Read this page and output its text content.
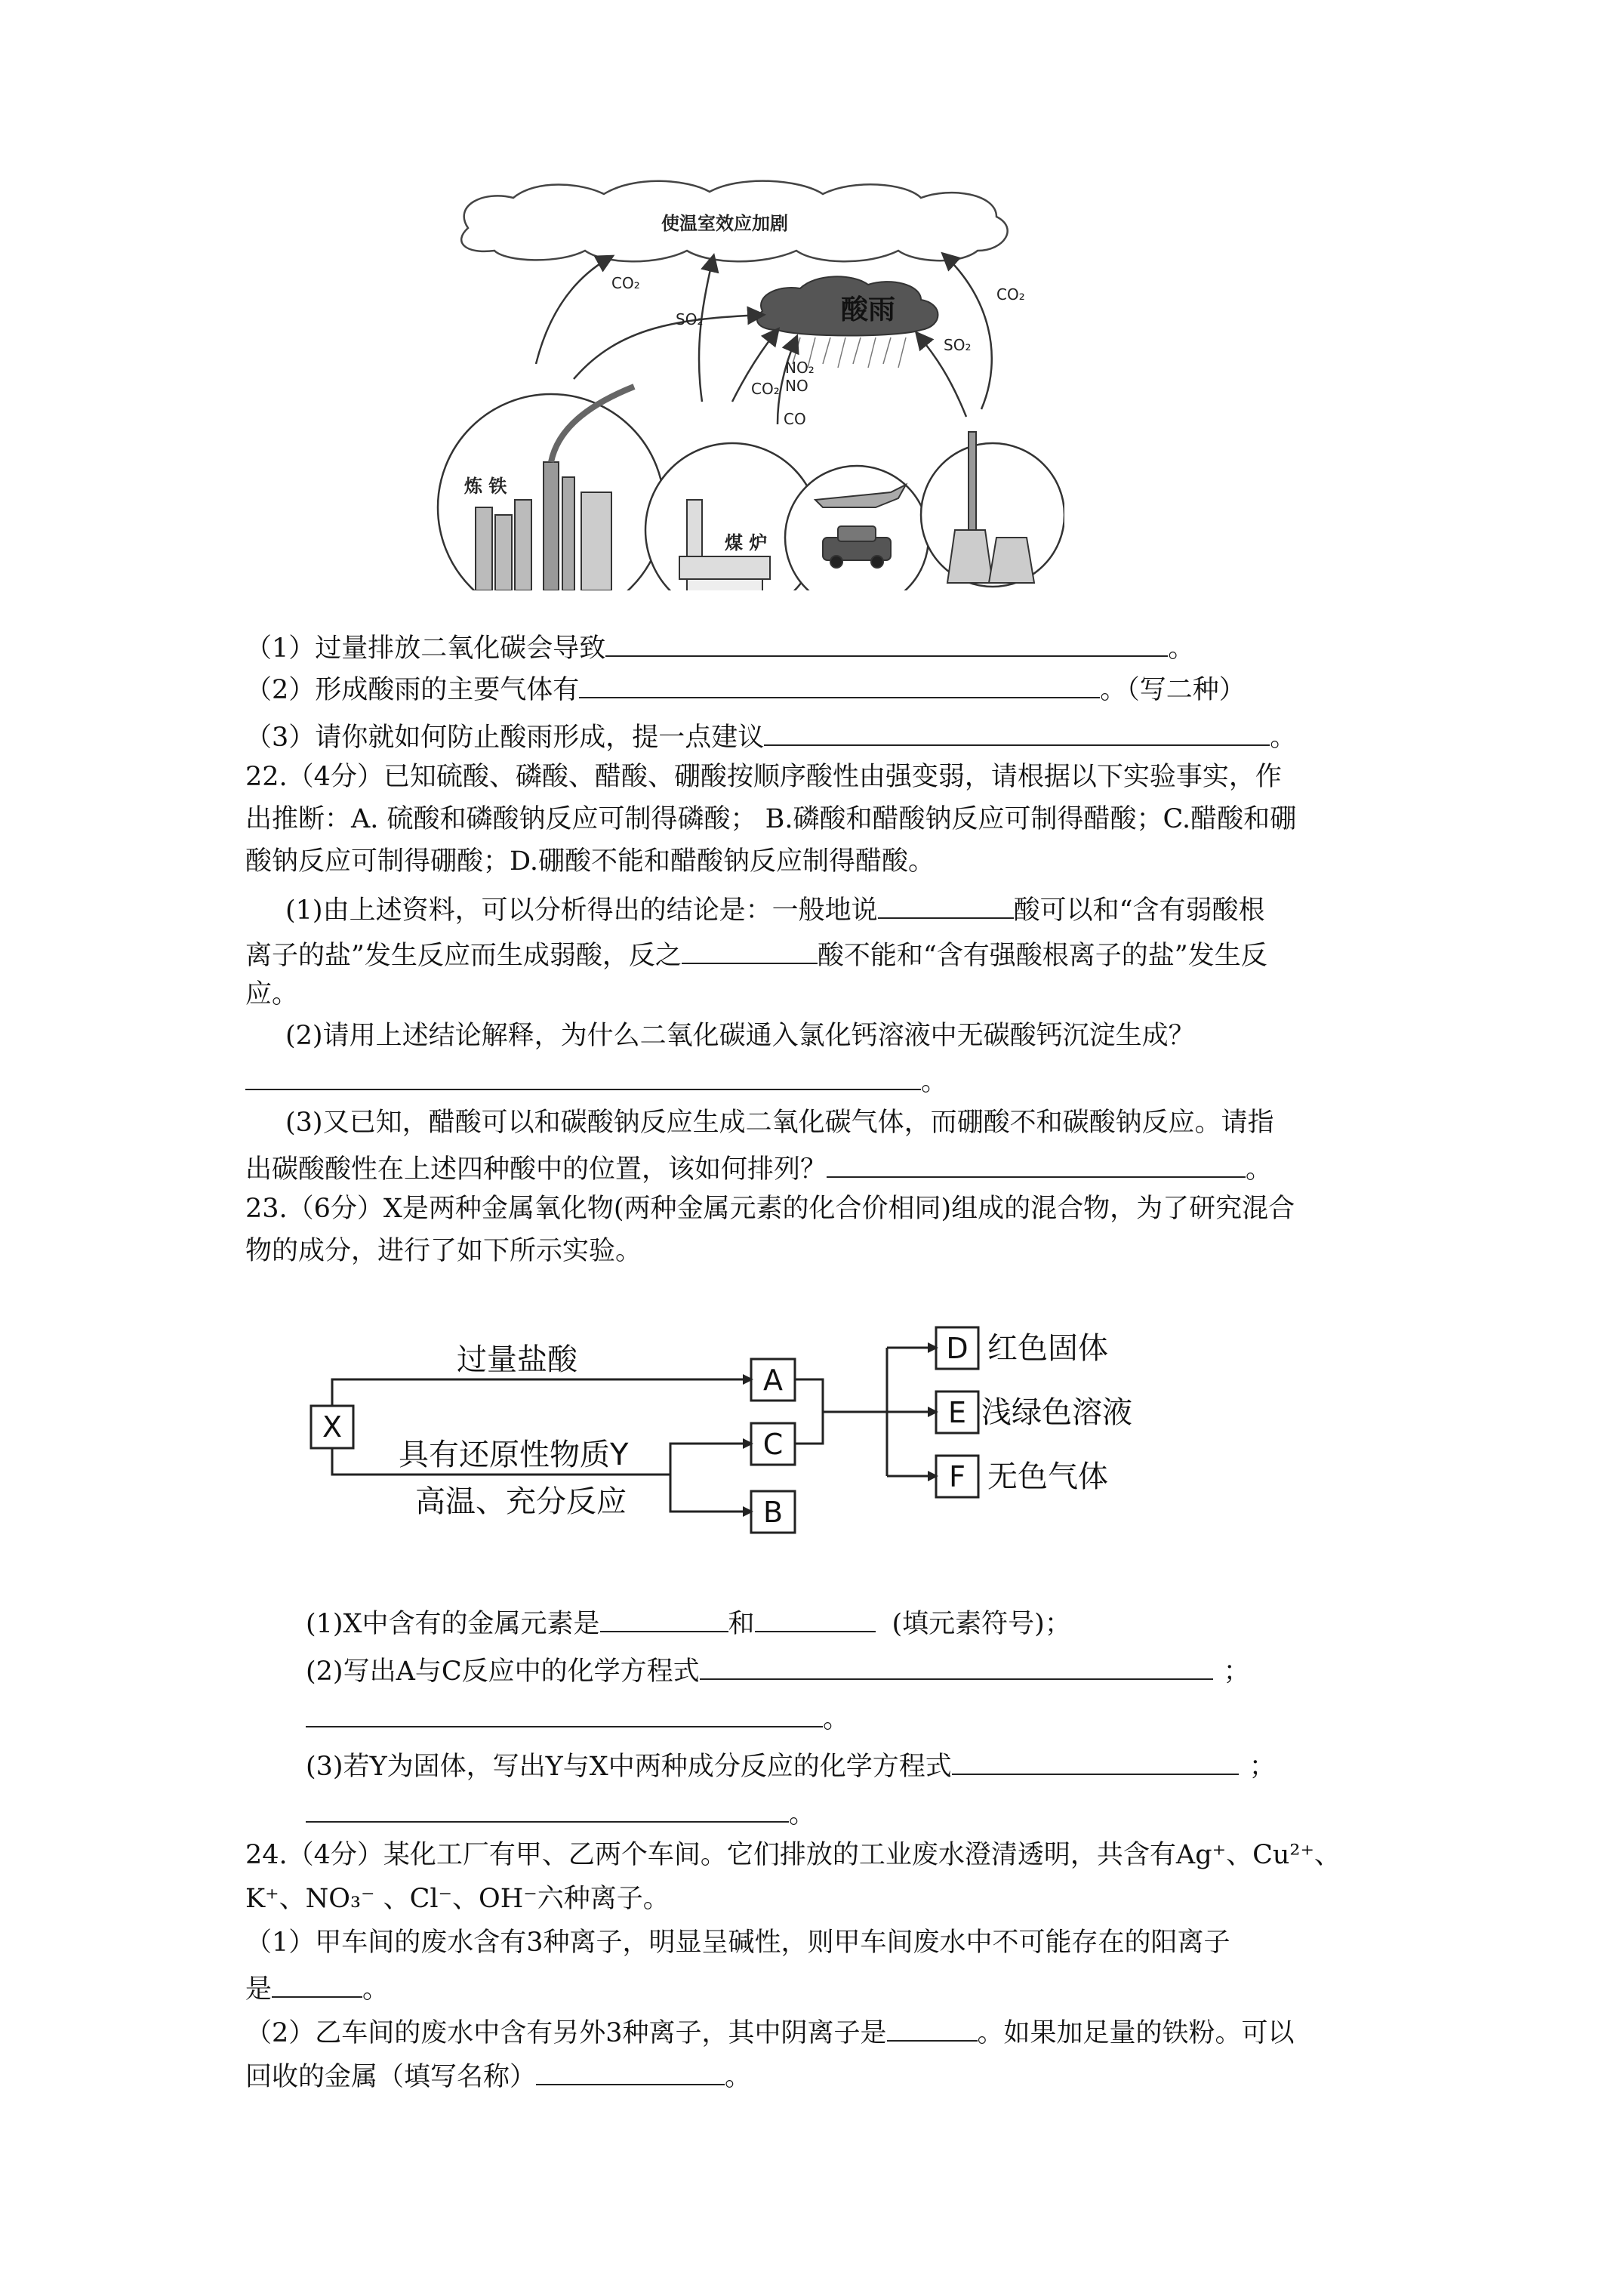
使温室效应加剧
酸雨
CO₂
SO₂
CO₂
CO
NO₂
NO
CO₂
SO₂
炼 铁
煤 炉
（1）过量排放二氧化碳会导致	。
（2）形成酸雨的主要气体有	。（写二种）
（3）请你就如何防止酸雨形成，提一点建议	。
22.（4分）已知硫酸、磷酸、醋酸、硼酸按顺序酸性由强变弱，请根据以下实验事实，作
出推断：A. 硫酸和磷酸钠反应可制得磷酸； B.磷酸和醋酸钠反应可制得醋酸；C.醋酸和硼
酸钠反应可制得硼酸；D.硼酸不能和醋酸钠反应制得醋酸。
(1)由上述资料，可以分析得出的结论是：一般地说	酸可以和“含有弱酸根
离子的盐”发生反应而生成弱酸，反之	酸不能和“含有强酸根离子的盐”发生反
应。
(2)请用上述结论解释，为什么二氧化碳通入氯化钙溶液中无碳酸钙沉淀生成？
。
(3)又已知，醋酸可以和碳酸钠反应生成二氧化碳气体，而硼酸不和碳酸钠反应。请指
出碳酸酸性在上述四种酸中的位置，该如何排列？	。
23.（6分）X是两种金属氧化物(两种金属元素的化合价相同)组成的混合物，为了研究混合
物的成分，进行了如下所示实验。
X
A
C
B
D
E
F
过量盐酸
具有还原性物质Y
高温、充分反应
红色固体
浅绿色溶液
无色气体
(1)X中含有的金属元素是	和	(填元素符号)；
(2)写出A与C反应中的化学方程式	；
。
(3)若Y为固体，写出Y与X中两种成分反应的化学方程式	；
。
24.（4分）某化工厂有甲、乙两个车间。它们排放的工业废水澄清透明，共含有Ag⁺、Cu²⁺、
K⁺、NO₃⁻ 、Cl⁻、OH⁻六种离子。
（1）甲车间的废水含有3种离子，明显呈碱性，则甲车间废水中不可能存在的阳离子
是	。
（2）乙车间的废水中含有另外3种离子，其中阴离子是	。如果加足量的铁粉。可以
回收的金属（填写名称）	。
